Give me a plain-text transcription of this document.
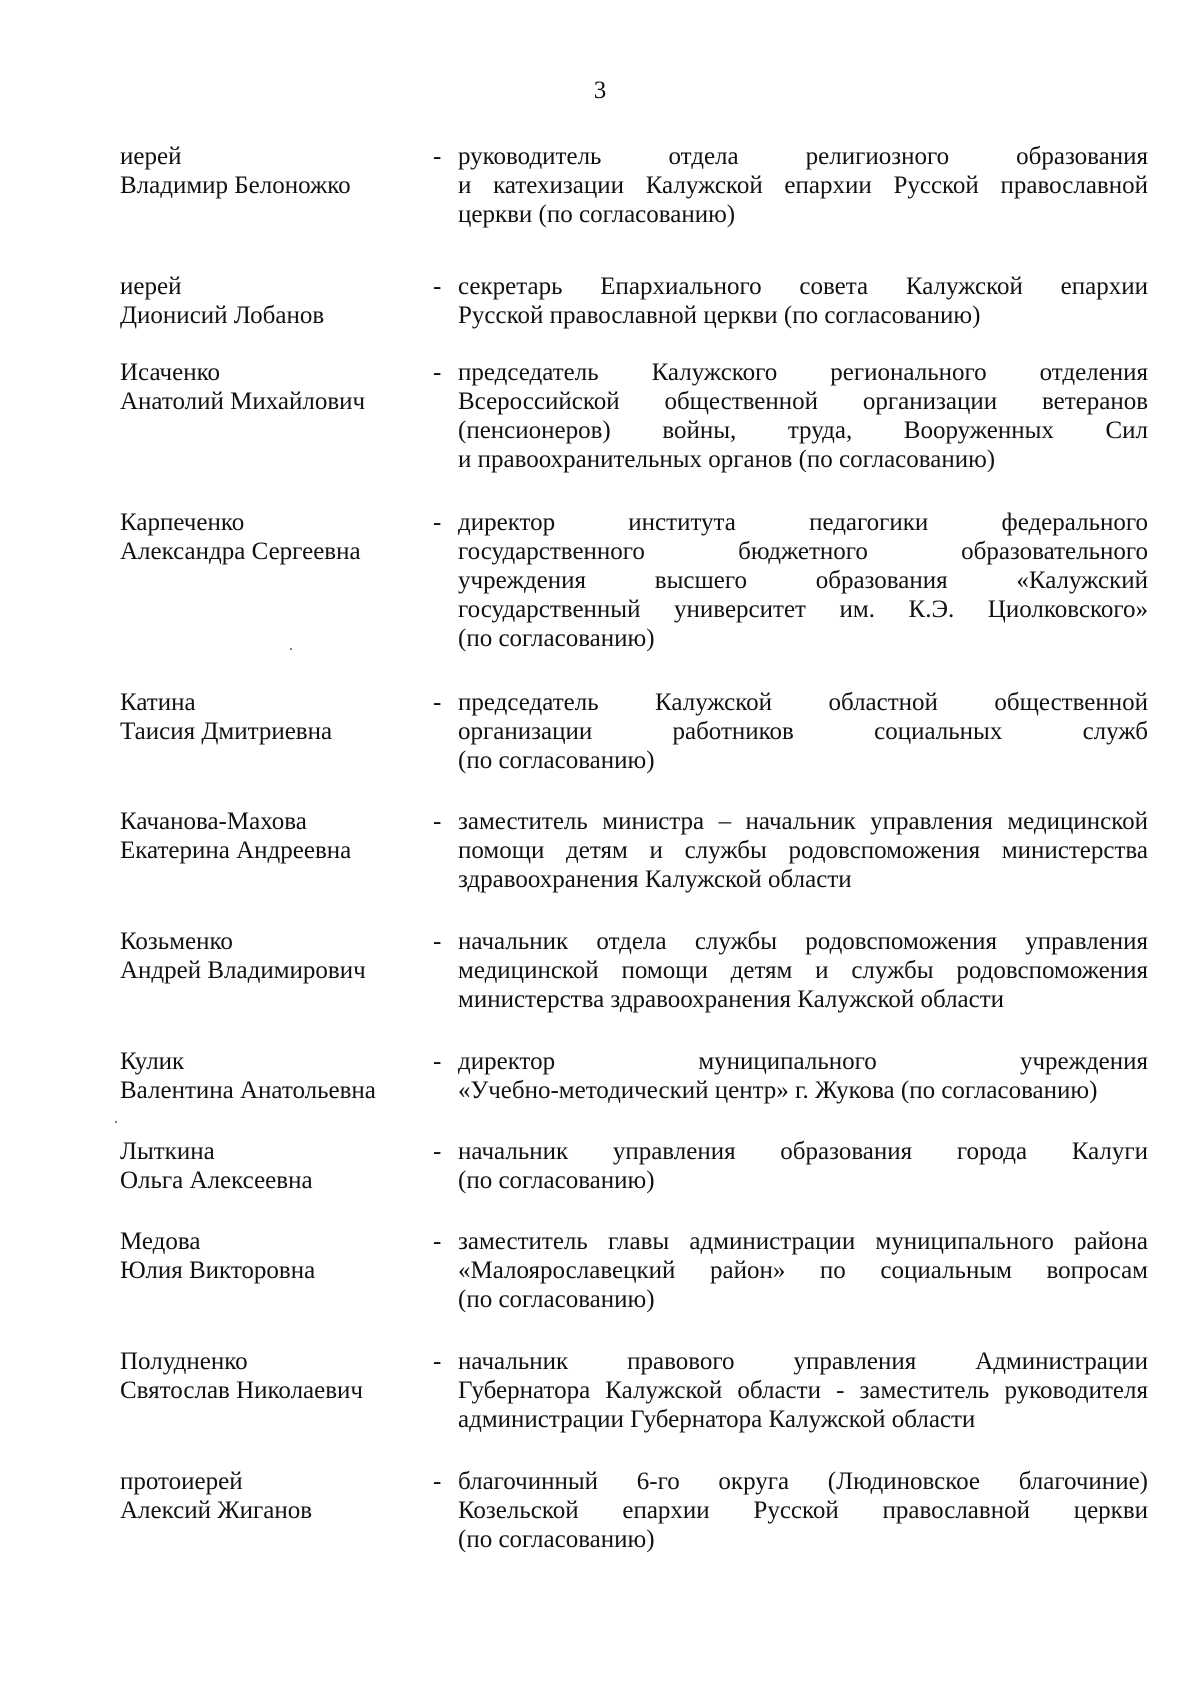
3
иерей
Владимир Белоножко
- руководитель отдела религиозного образования
и катехизации Калужской епархии Русской православной
церкви (по согласованию)
иерей
Дионисий Лобанов
- секретарь Епархиального совета Калужской епархии
Русской православной церкви (по согласованию)
Исаченко
Анатолий Михайлович
- председатель Калужского регионального отделения
Всероссийской общественной организации ветеранов
(пенсионеров) войны, труда, Вооруженных Сил
и правоохранительных органов (по согласованию)
Карпеченко
Александра Сергеевна
- директор института педагогики федерального
государственного бюджетного образовательного
учреждения высшего образования «Калужский
государственный университет им. К.Э. Циолковского»
(по согласованию)
Катина
Таисия Дмитриевна
- председатель Калужской областной общественной
организации работников социальных служб
(по согласованию)
Качанова-Махова
Екатерина Андреевна
- заместитель министра – начальник управления медицинской
помощи детям и службы родовспоможения министерства
здравоохранения Калужской области
Козьменко
Андрей Владимирович
- начальник отдела службы родовспоможения управления
медицинской помощи детям и службы родовспоможения
министерства здравоохранения Калужской области
Кулик
Валентина Анатольевна
- директор муниципального учреждения
«Учебно-методический центр» г. Жукова (по согласованию)
Лыткина
Ольга Алексеевна
- начальник управления образования города Калуги
(по согласованию)
Медова
Юлия Викторовна
- заместитель главы администрации муниципального района
«Малоярославецкий район» по социальным вопросам
(по согласованию)
Полудненко
Святослав Николаевич
- начальник правового управления Администрации
Губернатора Калужской области - заместитель руководителя
администрации Губернатора Калужской области
протоиерей
Алексий Жиганов
- благочинный 6-го округа (Людиновское благочиние)
Козельской епархии Русской православной церкви
(по согласованию)
